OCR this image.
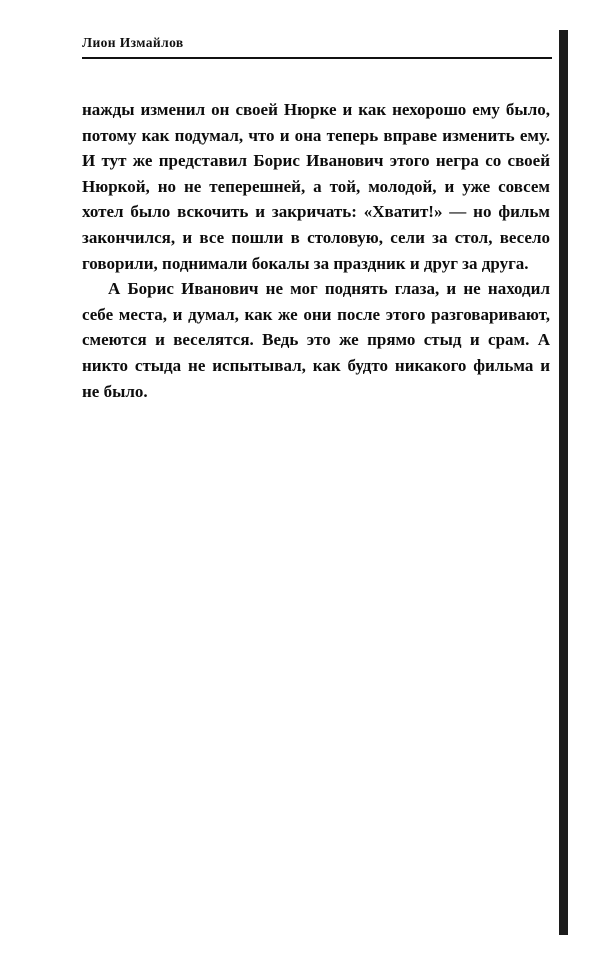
Лион Измайлов

нажды изменил он своей Нюрке и как нехорошо ему было, потому как подумал, что и она теперь вправе изменить ему. И тут же представил Борис Иванович этого негра со своей Нюркой, но не теперешней, а той, молодой, и уже совсем хотел было вскочить и закричать: «Хватит!» — но фильм закончился, и все пошли в столовую, сели за стол, весело говорили, поднимали бокалы за праздник и друг за друга.

А Борис Иванович не мог поднять глаза, и не находил себе места, и думал, как же они после этого разговаривают, смеются и веселятся. Ведь это же прямо стыд и срам. А никто стыда не испытывал, как будто никакого фильма и не было.
